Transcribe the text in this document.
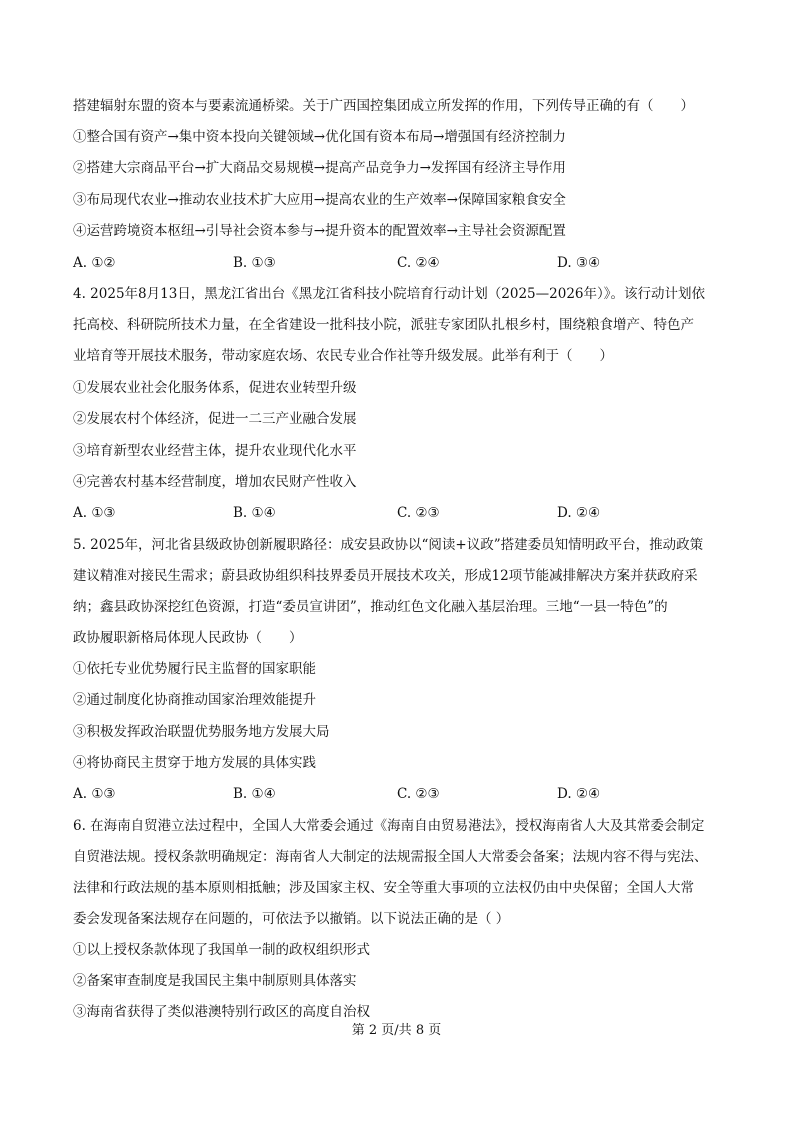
搭建辐射东盟的资本与要素流通桥梁。关于广西国控集团成立所发挥的作用，下列传导正确的有（　　）
①整合国有资产→集中资本投向关键领域→优化国有资本布局→增强国有经济控制力
②搭建大宗商品平台→扩大商品交易规模→提高产品竞争力→发挥国有经济主导作用
③布局现代农业→推动农业技术扩大应用→提高农业的生产效率→保障国家粮食安全
④运营跨境资本枢纽→引导社会资本参与→提升资本的配置效率→主导社会资源配置
A. ①②	B. ①③	C. ②④	D. ③④
4. 2025年8月13日，黑龙江省出台《黑龙江省科技小院培育行动计划（2025—2026年）》。该行动计划依
托高校、科研院所技术力量，在全省建设一批科技小院，派驻专家团队扎根乡村，围绕粮食增产、特色产
业培育等开展技术服务，带动家庭农场、农民专业合作社等升级发展。此举有利于（　　）
①发展农业社会化服务体系，促进农业转型升级
②发展农村个体经济，促进一二三产业融合发展
③培育新型农业经营主体，提升农业现代化水平
④完善农村基本经营制度，增加农民财产性收入
A. ①③	B. ①④	C. ②③	D. ②④
5. 2025年，河北省县级政协创新履职路径：成安县政协以“阅读+议政”搭建委员知情明政平台，推动政策
建议精准对接民生需求；蔚县政协组织科技界委员开展技术攻关，形成12项节能减排解决方案并获政府采
纳；鑫县政协深挖红色资源，打造“委员宣讲团”，推动红色文化融入基层治理。三地“一县一特色”的
政协履职新格局体现人民政协（　　）
①依托专业优势履行民主监督的国家职能
②通过制度化协商推动国家治理效能提升
③积极发挥政治联盟优势服务地方发展大局
④将协商民主贯穿于地方发展的具体实践
A. ①③	B. ①④	C. ②③	D. ②④
6. 在海南自贸港立法过程中，全国人大常委会通过《海南自由贸易港法》，授权海南省人大及其常委会制定
自贸港法规。授权条款明确规定：海南省人大制定的法规需报全国人大常委会备案；法规内容不得与宪法、
法律和行政法规的基本原则相抵触；涉及国家主权、安全等重大事项的立法权仍由中央保留；全国人大常
委会发现备案法规存在问题的，可依法予以撤销。以下说法正确的是（ ）
①以上授权条款体现了我国单一制的政权组织形式
②备案审查制度是我国民主集中制原则具体落实
③海南省获得了类似港澳特别行政区的高度自治权
第 2 页/共 8 页
